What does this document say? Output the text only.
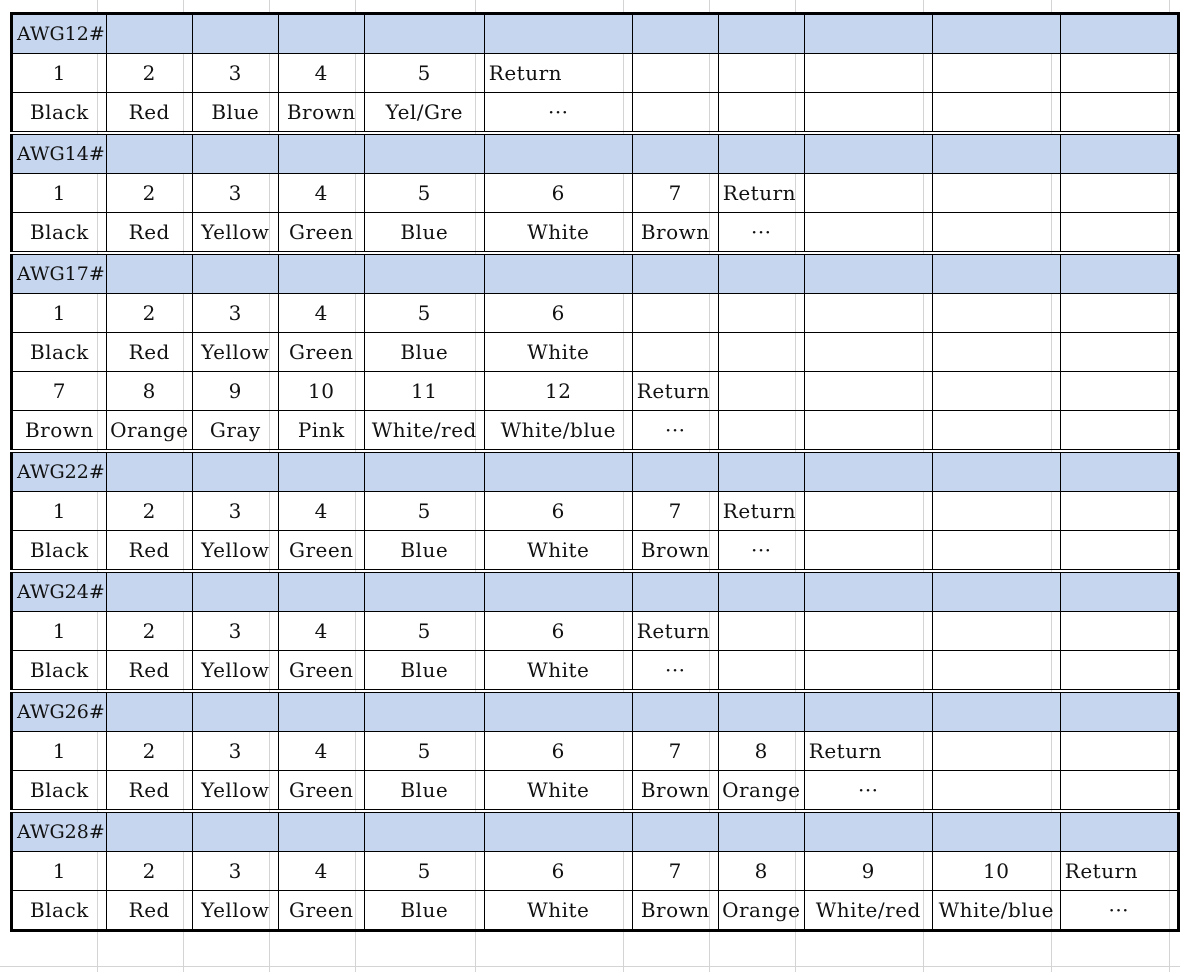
AWG12#										
1	2	3	4	5	Return					
Black	Red	Blue	Brown	Yel/Gre	···					
AWG14#										
1	2	3	4	5	6	7	Return			
Black	Red	Yellow	Green	Blue	White	Brown	···			
AWG17#										
1	2	3	4	5	6					
Black	Red	Yellow	Green	Blue	White					
7	8	9	10	11	12	Return				
Brown	Orange	Gray	Pink	White/red	White/blue	···				
AWG22#										
1	2	3	4	5	6	7	Return			
Black	Red	Yellow	Green	Blue	White	Brown	···			
AWG24#										
1	2	3	4	5	6	Return				
Black	Red	Yellow	Green	Blue	White	···				
AWG26#										
1	2	3	4	5	6	7	8	Return		
Black	Red	Yellow	Green	Blue	White	Brown	Orange	···		
AWG28#										
1	2	3	4	5	6	7	8	9	10	Return
Black	Red	Yellow	Green	Blue	White	Brown	Orange	White/red	White/blue	···
